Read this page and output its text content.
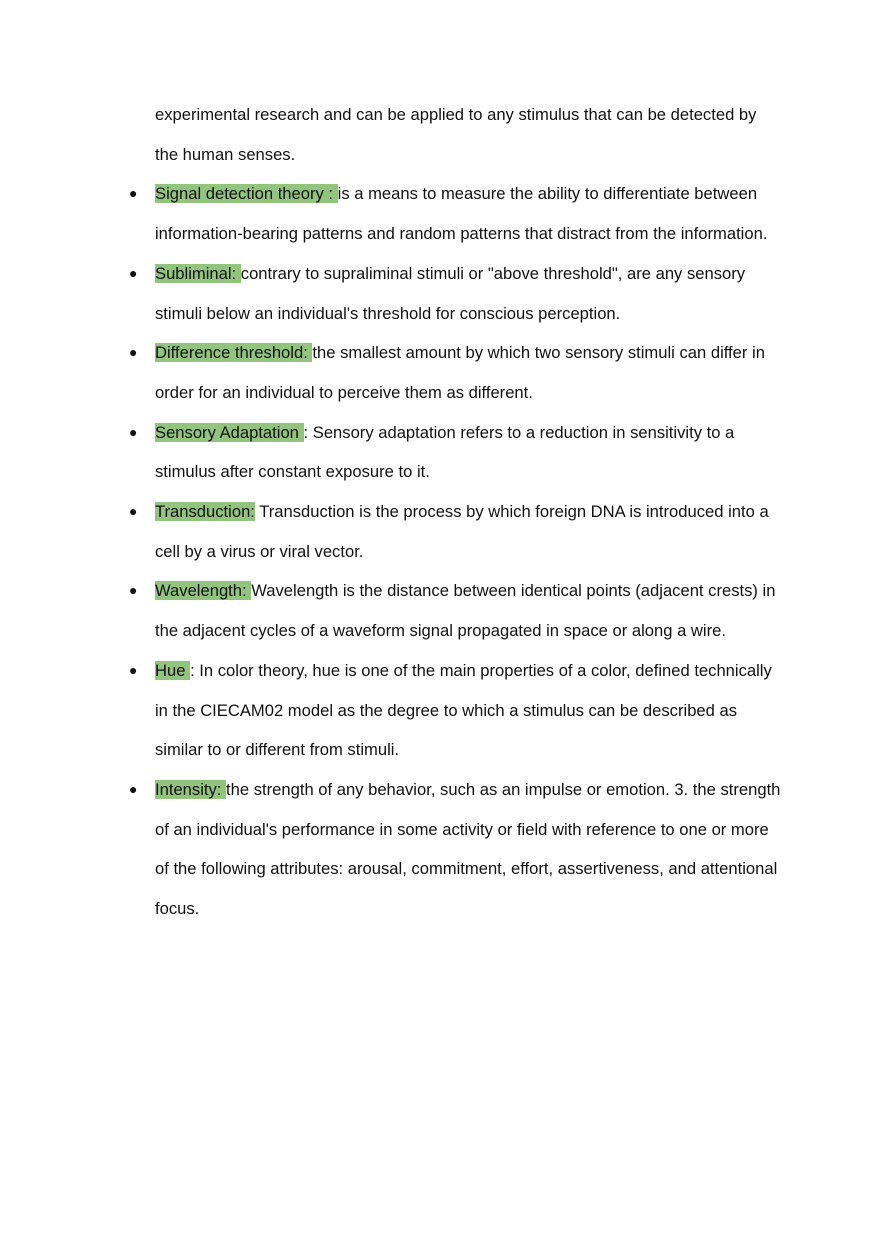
experimental research and can be applied to any stimulus that can be detected by the human senses.

● Signal detection theory : is a means to measure the ability to differentiate between information-bearing patterns and random patterns that distract from the information.
● Subliminal: contrary to supraliminal stimuli or "above threshold", are any sensory stimuli below an individual's threshold for conscious perception.
● Difference threshold: the smallest amount by which two sensory stimuli can differ in order for an individual to perceive them as different.
● Sensory Adaptation : Sensory adaptation refers to a reduction in sensitivity to a stimulus after constant exposure to it.
● Transduction: Transduction is the process by which foreign DNA is introduced into a cell by a virus or viral vector.
● Wavelength: Wavelength is the distance between identical points (adjacent crests) in the adjacent cycles of a waveform signal propagated in space or along a wire.
● Hue : In color theory, hue is one of the main properties of a color, defined technically in the CIECAM02 model as the degree to which a stimulus can be described as similar to or different from stimuli.
● Intensity: the strength of any behavior, such as an impulse or emotion. 3. the strength of an individual's performance in some activity or field with reference to one or more of the following attributes: arousal, commitment, effort, assertiveness, and attentional focus.
